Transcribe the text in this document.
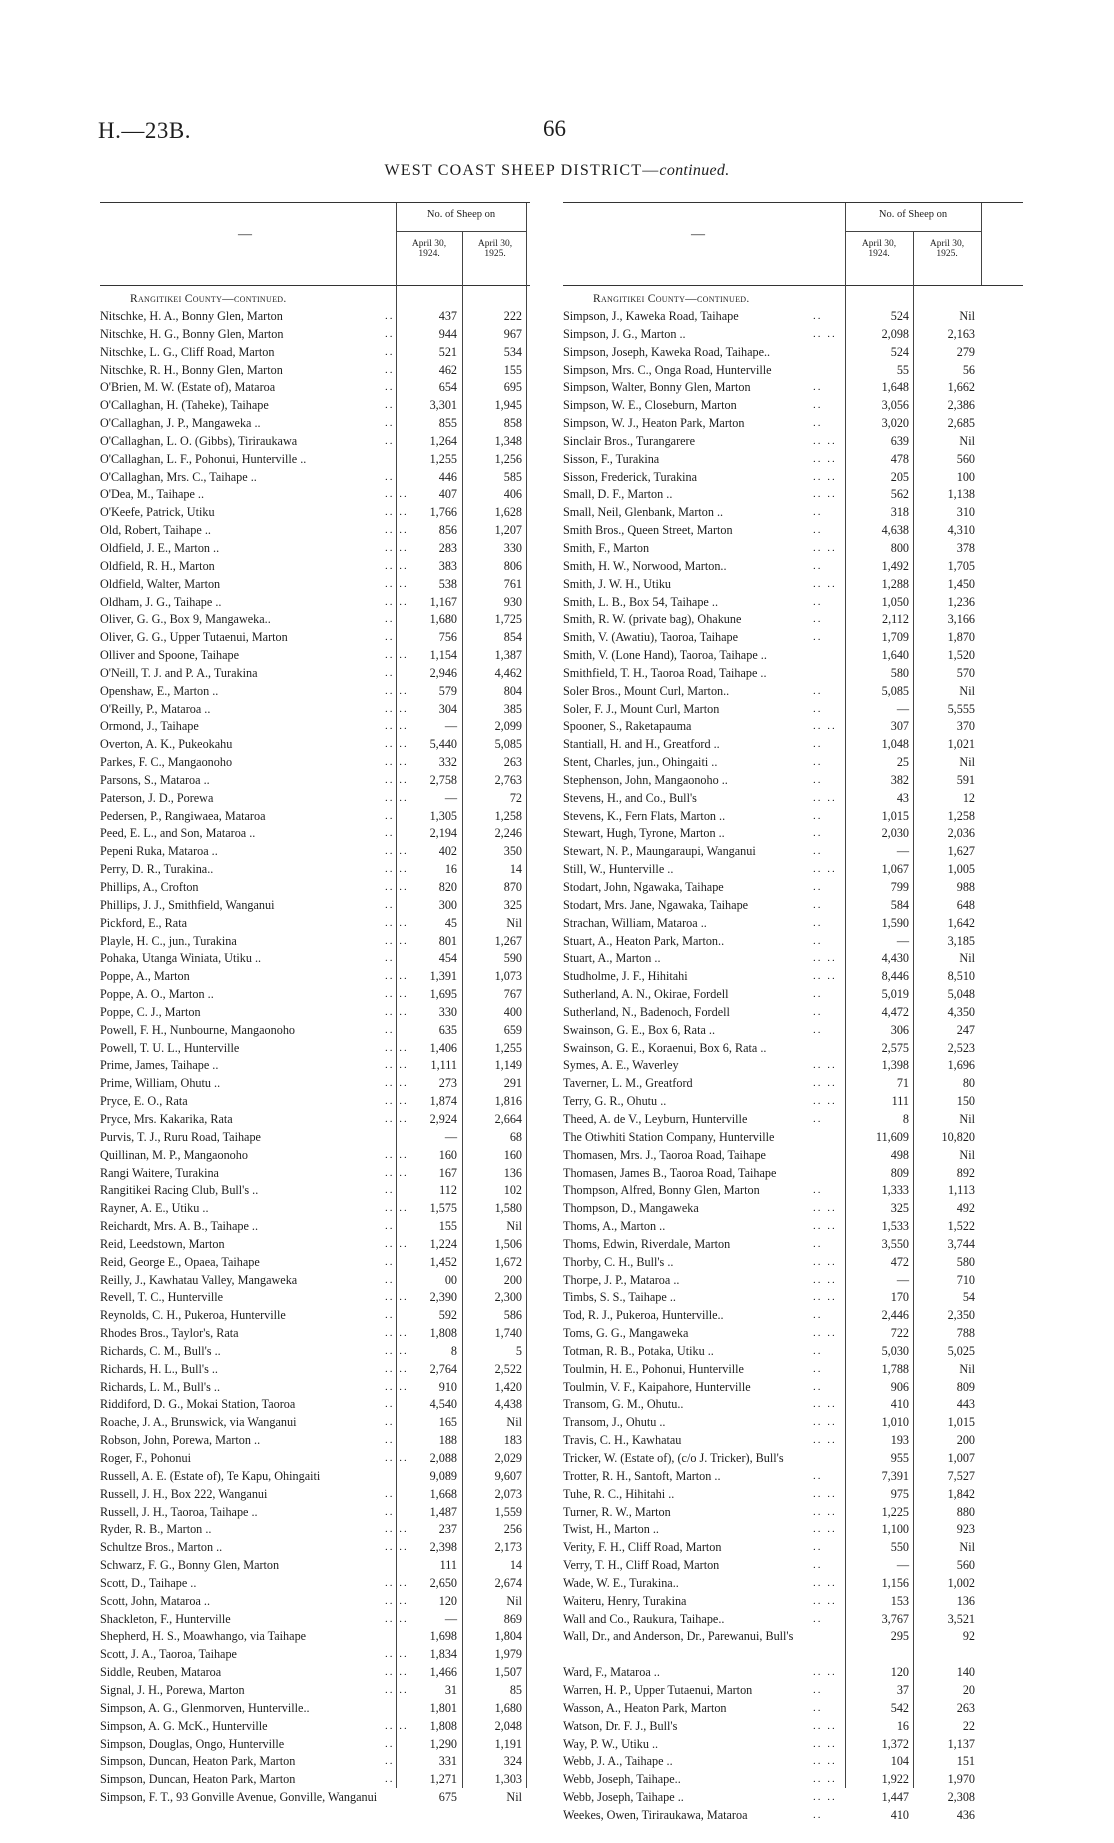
H.—23B.	66
WEST COAST SHEEP DISTRICT—continued.
—
No. of Sheep on
April 30,
1924.
April 30,
1925.
Rangitikei County—continued.
Nitschke, H. A., Bonny Glen, Marton	..	437	222
Nitschke, H. G., Bonny Glen, Marton	..	944	967
Nitschke, L. G., Cliff Road, Marton	..	521	534
Nitschke, R. H., Bonny Glen, Marton	..	462	155
O'Brien, M. W. (Estate of), Mataroa	..	654	695
O'Callaghan, H. (Taheke), Taihape	..	3,301	1,945
O'Callaghan, J. P., Mangaweka ..	..	855	858
O'Callaghan, L. O. (Gibbs), Tiriraukawa	..	1,264	1,348
O'Callaghan, L. F., Pohonui, Hunterville ..	1,255	1,256
O'Callaghan, Mrs. C., Taihape ..	..	446	585
O'Dea, M., Taihape ..	.. ..	407	406
O'Keefe, Patrick, Utiku	.. ..	1,766	1,628
Old, Robert, Taihape ..	.. ..	856	1,207
Oldfield, J. E., Marton ..	.. ..	283	330
Oldfield, R. H., Marton	.. ..	383	806
Oldfield, Walter, Marton	.. ..	538	761
Oldham, J. G., Taihape ..	.. ..	1,167	930
Oliver, G. G., Box 9, Mangaweka..	..	1,680	1,725
Oliver, G. G., Upper Tutaenui, Marton	..	756	854
Olliver and Spoone, Taihape	.. ..	1,154	1,387
O'Neill, T. J. and P. A., Turakina	..	2,946	4,462
Openshaw, E., Marton ..	.. ..	579	804
O'Reilly, P., Mataroa ..	.. ..	304	385
Ormond, J., Taihape	.. ..	—	2,099
Overton, A. K., Pukeokahu	.. ..	5,440	5,085
Parkes, F. C., Mangaonoho	.. ..	332	263
Parsons, S., Mataroa ..	.. ..	2,758	2,763
Paterson, J. D., Porewa	.. ..	—	72
Pedersen, P., Rangiwaea, Mataroa	..	1,305	1,258
Peed, E. L., and Son, Mataroa ..	..	2,194	2,246
Pepeni Ruka, Mataroa ..	.. ..	402	350
Perry, D. R., Turakina..	.. ..	16	14
Phillips, A., Crofton	.. ..	820	870
Phillips, J. J., Smithfield, Wanganui	..	300	325
Pickford, E., Rata	.. ..	45	Nil
Playle, H. C., jun., Turakina	.. ..	801	1,267
Pohaka, Utanga Winiata, Utiku ..	..	454	590
Poppe, A., Marton	.. ..	1,391	1,073
Poppe, A. O., Marton ..	.. ..	1,695	767
Poppe, C. J., Marton	.. ..	330	400
Powell, F. H., Nunbourne, Mangaonoho	..	635	659
Powell, T. U. L., Hunterville	.. ..	1,406	1,255
Prime, James, Taihape ..	.. ..	1,111	1,149
Prime, William, Ohutu ..	.. ..	273	291
Pryce, E. O., Rata	.. ..	1,874	1,816
Pryce, Mrs. Kakarika, Rata	.. ..	2,924	2,664
Purvis, T. J., Ruru Road, Taihape	—	68
Quillinan, M. P., Mangaonoho	.. ..	160	160
Rangi Waitere, Turakina	.. ..	167	136
Rangitikei Racing Club, Bull's ..	..	112	102
Rayner, A. E., Utiku ..	.. ..	1,575	1,580
Reichardt, Mrs. A. B., Taihape ..	..	155	Nil
Reid, Leedstown, Marton	.. ..	1,224	1,506
Reid, George E., Opaea, Taihape	..	1,452	1,672
Reilly, J., Kawhatau Valley, Mangaweka	..	00	200
Revell, T. C., Hunterville	.. ..	2,390	2,300
Reynolds, C. H., Pukeroa, Hunterville	..	592	586
Rhodes Bros., Taylor's, Rata	.. ..	1,808	1,740
Richards, C. M., Bull's ..	.. ..	8	5
Richards, H. L., Bull's ..	.. ..	2,764	2,522
Richards, L. M., Bull's ..	.. ..	910	1,420
Riddiford, D. G., Mokai Station, Taoroa	..	4,540	4,438
Roache, J. A., Brunswick, via Wanganui	..	165	Nil
Robson, John, Porewa, Marton ..	..	188	183
Roger, F., Pohonui	.. ..	2,088	2,029
Russell, A. E. (Estate of), Te Kapu, Ohingaiti	9,089	9,607
Russell, J. H., Box 222, Wanganui	..	1,668	2,073
Russell, J. H., Taoroa, Taihape ..	..	1,487	1,559
Ryder, R. B., Marton ..	.. ..	237	256
Schultze Bros., Marton ..	.. ..	2,398	2,173
Schwarz, F. G., Bonny Glen, Marton	111	14
Scott, D., Taihape ..	.. ..	2,650	2,674
Scott, John, Mataroa ..	.. ..	120	Nil
Shackleton, F., Hunterville	.. ..	—	869
Shepherd, H. S., Moawhango, via Taihape	1,698	1,804
Scott, J. A., Taoroa, Taihape	.. ..	1,834	1,979
Siddle, Reuben, Mataroa	.. ..	1,466	1,507
Signal, J. H., Porewa, Marton	.. ..	31	85
Simpson, A. G., Glenmorven, Hunterville..	1,801	1,680
Simpson, A. G. McK., Hunterville	.. ..	1,808	2,048
Simpson, Douglas, Ongo, Hunterville	..	1,290	1,191
Simpson, Duncan, Heaton Park, Marton	..	331	324
Simpson, Duncan, Heaton Park, Marton	..	1,271	1,303
Simpson, F. T., 93 Gonville Avenue, Gonville, Wanganui	675	Nil
—
No. of Sheep on
April 30,
1924.
April 30,
1925.
Rangitikei County—continued.
Simpson, J., Kaweka Road, Taihape	..	524	Nil
Simpson, J. G., Marton ..	.. ..	2,098	2,163
Simpson, Joseph, Kaweka Road, Taihape..	524	279
Simpson, Mrs. C., Onga Road, Hunterville	55	56
Simpson, Walter, Bonny Glen, Marton	..	1,648	1,662
Simpson, W. E., Closeburn, Marton	..	3,056	2,386
Simpson, W. J., Heaton Park, Marton	..	3,020	2,685
Sinclair Bros., Turangarere	.. ..	639	Nil
Sisson, F., Turakina	.. ..	478	560
Sisson, Frederick, Turakina	.. ..	205	100
Small, D. F., Marton ..	.. ..	562	1,138
Small, Neil, Glenbank, Marton ..	..	318	310
Smith Bros., Queen Street, Marton	..	4,638	4,310
Smith, F., Marton	.. ..	800	378
Smith, H. W., Norwood, Marton..	..	1,492	1,705
Smith, J. W. H., Utiku	.. ..	1,288	1,450
Smith, L. B., Box 54, Taihape ..	..	1,050	1,236
Smith, R. W. (private bag), Ohakune	..	2,112	3,166
Smith, V. (Awatiu), Taoroa, Taihape	..	1,709	1,870
Smith, V. (Lone Hand), Taoroa, Taihape ..	1,640	1,520
Smithfield, T. H., Taoroa Road, Taihape ..	580	570
Soler Bros., Mount Curl, Marton..	..	5,085	Nil
Soler, F. J., Mount Curl, Marton	..	—	5,555
Spooner, S., Raketapauma	.. ..	307	370
Stantiall, H. and H., Greatford ..	..	1,048	1,021
Stent, Charles, jun., Ohingaiti ..	..	25	Nil
Stephenson, John, Mangaonoho ..	..	382	591
Stevens, H., and Co., Bull's	.. ..	43	12
Stevens, K., Fern Flats, Marton ..	..	1,015	1,258
Stewart, Hugh, Tyrone, Marton ..	..	2,030	2,036
Stewart, N. P., Maungaraupi, Wanganui	..	—	1,627
Still, W., Hunterville ..	.. ..	1,067	1,005
Stodart, John, Ngawaka, Taihape	..	799	988
Stodart, Mrs. Jane, Ngawaka, Taihape	..	584	648
Strachan, William, Mataroa ..	..	1,590	1,642
Stuart, A., Heaton Park, Marton..	..	—	3,185
Stuart, A., Marton ..	.. ..	4,430	Nil
Studholme, J. F., Hihitahi	.. ..	8,446	8,510
Sutherland, A. N., Okirae, Fordell	..	5,019	5,048
Sutherland, N., Badenoch, Fordell	..	4,472	4,350
Swainson, G. E., Box 6, Rata ..	..	306	247
Swainson, G. E., Koraenui, Box 6, Rata ..	2,575	2,523
Symes, A. E., Waverley	.. ..	1,398	1,696
Taverner, L. M., Greatford	.. ..	71	80
Terry, G. R., Ohutu ..	.. ..	111	150
Theed, A. de V., Leyburn, Hunterville	..	8	Nil
The Otiwhiti Station Company, Hunterville	11,609	10,820
Thomasen, Mrs. J., Taoroa Road, Taihape	498	Nil
Thomasen, James B., Taoroa Road, Taihape	809	892
Thompson, Alfred, Bonny Glen, Marton	..	1,333	1,113
Thompson, D., Mangaweka	.. ..	325	492
Thoms, A., Marton ..	.. ..	1,533	1,522
Thoms, Edwin, Riverdale, Marton	..	3,550	3,744
Thorby, C. H., Bull's ..	.. ..	472	580
Thorpe, J. P., Mataroa ..	.. ..	—	710
Timbs, S. S., Taihape ..	.. ..	170	54
Tod, R. J., Pukeroa, Hunterville..	..	2,446	2,350
Toms, G. G., Mangaweka	.. ..	722	788
Totman, R. B., Potaka, Utiku ..	..	5,030	5,025
Toulmin, H. E., Pohonui, Hunterville	..	1,788	Nil
Toulmin, V. F., Kaipahore, Hunterville	..	906	809
Transom, G. M., Ohutu..	.. ..	410	443
Transom, J., Ohutu ..	.. ..	1,010	1,015
Travis, C. H., Kawhatau	.. ..	193	200
Tricker, W. (Estate of), (c/o J. Tricker), Bull's	955	1,007
Trotter, R. H., Santoft, Marton ..	..	7,391	7,527
Tuhe, R. C., Hihitahi ..	.. ..	975	1,842
Turner, R. W., Marton	.. ..	1,225	880
Twist, H., Marton ..	.. ..	1,100	923
Verity, F. H., Cliff Road, Marton	..	550	Nil
Verry, T. H., Cliff Road, Marton	..	—	560
Wade, W. E., Turakina..	.. ..	1,156	1,002
Waiteru, Henry, Turakina	.. ..	153	136
Wall and Co., Raukura, Taihape..	..	3,767	3,521
Wall, Dr., and Anderson, Dr., Parewanui, Bull's	295	92
Ward, F., Mataroa ..	.. ..	120	140
Warren, H. P., Upper Tutaenui, Marton	..	37	20
Wasson, A., Heaton Park, Marton	..	542	263
Watson, Dr. F. J., Bull's	.. ..	16	22
Way, P. W., Utiku ..	.. ..	1,372	1,137
Webb, J. A., Taihape ..	.. ..	104	151
Webb, Joseph, Taihape..	.. ..	1,922	1,970
Webb, Joseph, Taihape ..	.. ..	1,447	2,308
Weekes, Owen, Tiriraukawa, Mataroa	..	410	436
